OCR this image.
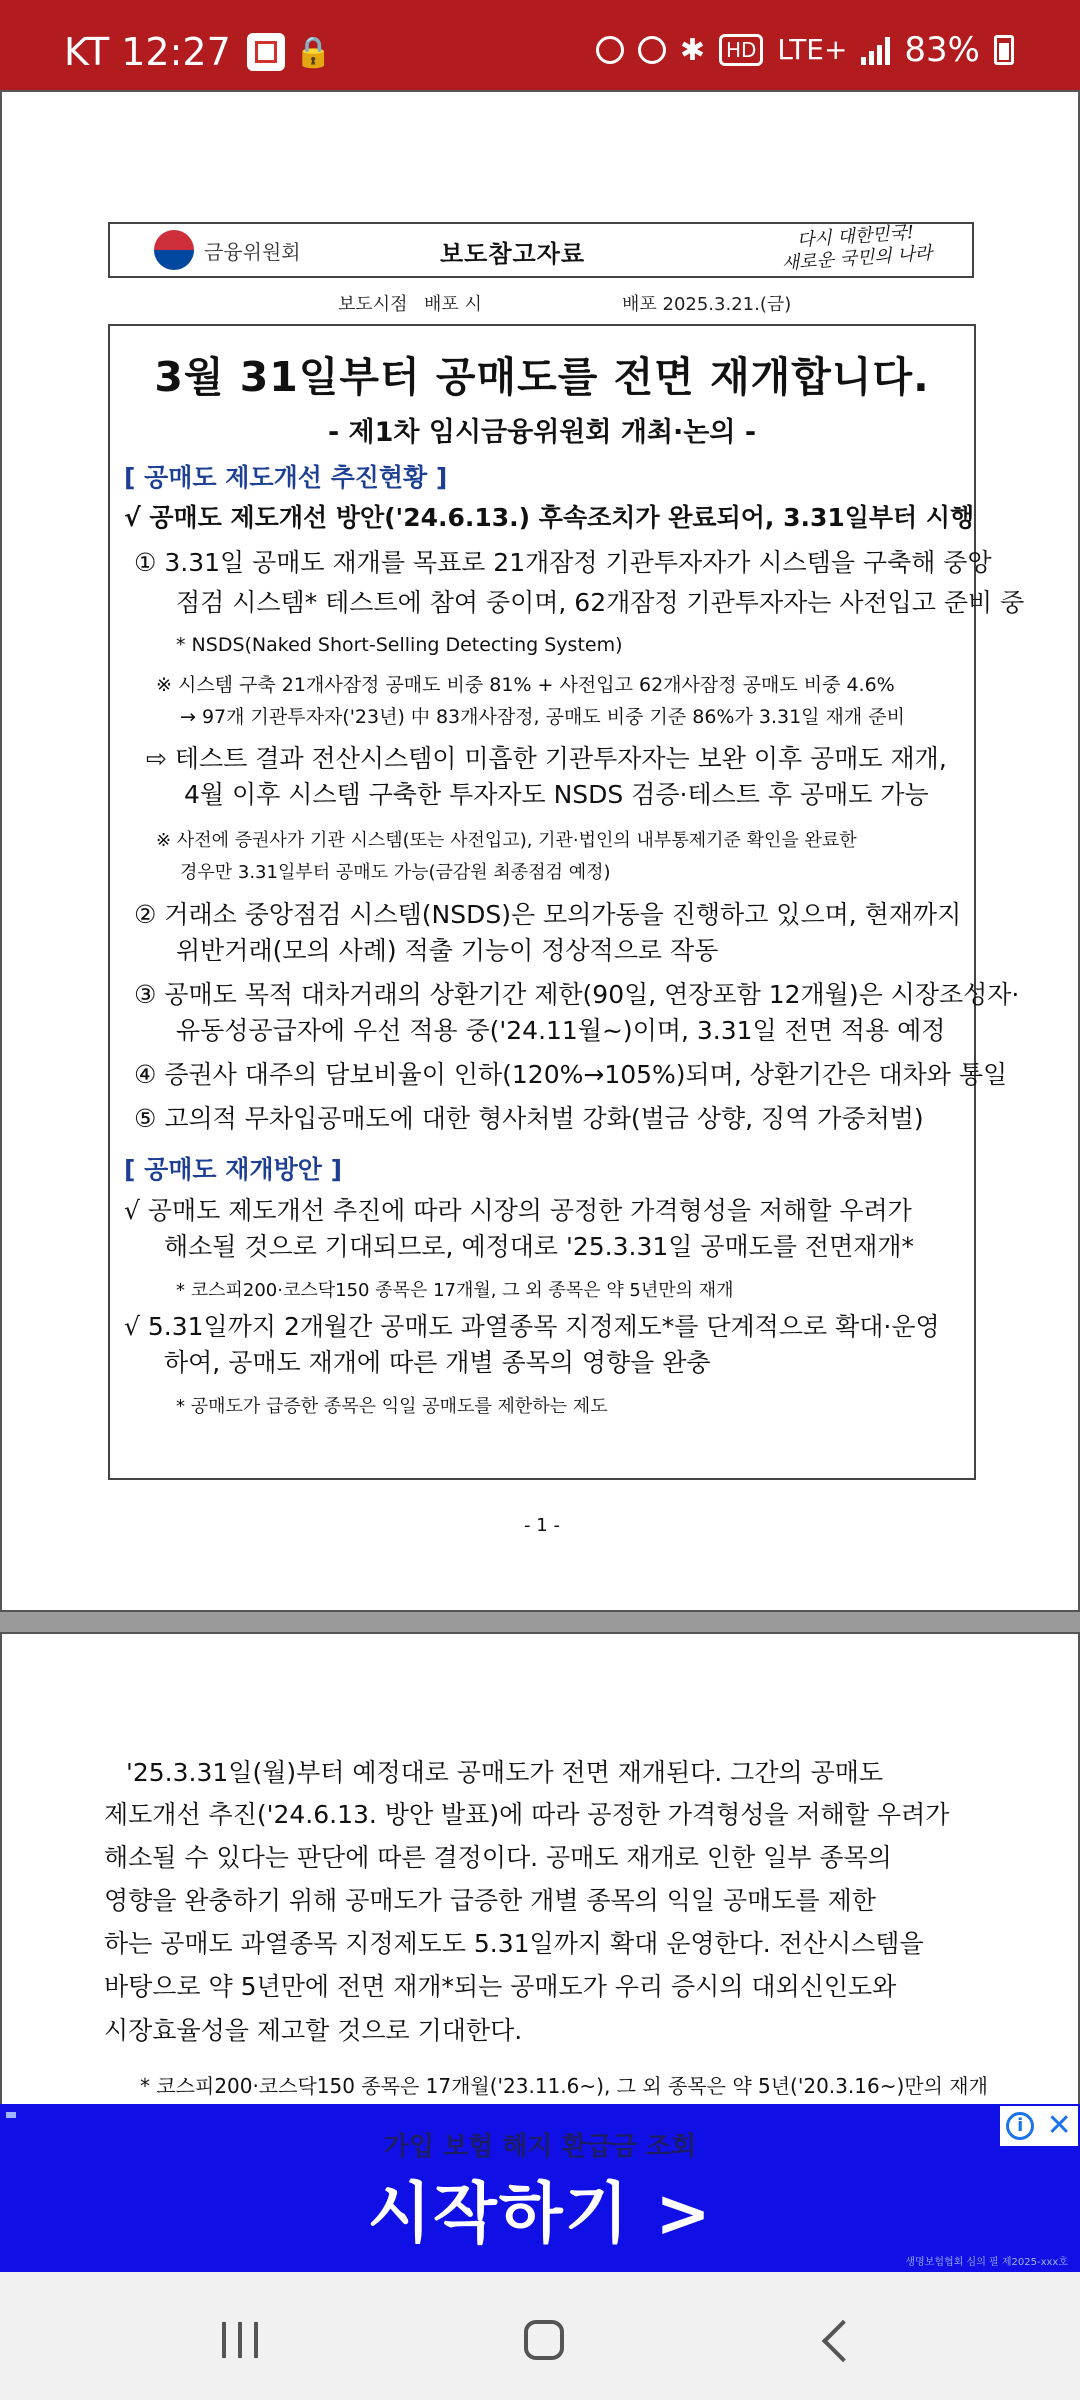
KT 12:27 🔒	✱	HD LTE+ 83%
금융위원회	보도참고자료
다시 대한민국!
새로운 국민의 나라
보도시점 배포 시	배포 2025.3.21.(금)
3월 31일부터 공매도를 전면 재개합니다.
- 제1차 임시금융위원회 개최·논의 -
[ 공매도 제도개선 추진현황 ]
√ 공매도 제도개선 방안('24.6.13.) 후속조치가 완료되어, 3.31일부터 시행
① 3.31일 공매도 재개를 목표로 21개잠정 기관투자자가 시스템을 구축해 중앙
점검 시스템* 테스트에 참여 중이며, 62개잠정 기관투자자는 사전입고 준비 중
* NSDS(Naked Short-Selling Detecting System)
※ 시스템 구축 21개사잠정 공매도 비중 81% + 사전입고 62개사잠정 공매도 비중 4.6%
→ 97개 기관투자자('23년) 中 83개사잠정, 공매도 비중 기준 86%가 3.31일 재개 준비
⇨ 테스트 결과 전산시스템이 미흡한 기관투자자는 보완 이후 공매도 재개,
4월 이후 시스템 구축한 투자자도 NSDS 검증·테스트 후 공매도 가능
※ 사전에 증권사가 기관 시스템(또는 사전입고), 기관·법인의 내부통제기준 확인을 완료한
경우만 3.31일부터 공매도 가능(금감원 최종점검 예정)
② 거래소 중앙점검 시스템(NSDS)은 모의가동을 진행하고 있으며, 현재까지
위반거래(모의 사례) 적출 기능이 정상적으로 작동
③ 공매도 목적 대차거래의 상환기간 제한(90일, 연장포함 12개월)은 시장조성자·
유동성공급자에 우선 적용 중('24.11월~)이며, 3.31일 전면 적용 예정
④ 증권사 대주의 담보비율이 인하(120%→105%)되며, 상환기간은 대차와 통일
⑤ 고의적 무차입공매도에 대한 형사처벌 강화(벌금 상향, 징역 가중처벌)
[ 공매도 재개방안 ]
√ 공매도 제도개선 추진에 따라 시장의 공정한 가격형성을 저해할 우려가
해소될 것으로 기대되므로, 예정대로 '25.3.31일 공매도를 전면재개*
* 코스피200·코스닥150 종목은 17개월, 그 외 종목은 약 5년만의 재개
√ 5.31일까지 2개월간 공매도 과열종목 지정제도*를 단계적으로 확대·운영
하여, 공매도 재개에 따른 개별 종목의 영향을 완충
* 공매도가 급증한 종목은 익일 공매도를 제한하는 제도
- 1 -
'25.3.31일(월)부터 예정대로 공매도가 전면 재개된다. 그간의 공매도
제도개선 추진('24.6.13. 방안 발표)에 따라 공정한 가격형성을 저해할 우려가
해소될 수 있다는 판단에 따른 결정이다. 공매도 재개로 인한 일부 종목의
영향을 완충하기 위해 공매도가 급증한 개별 종목의 익일 공매도를 제한
하는 공매도 과열종목 지정제도도 5.31일까지 확대 운영한다. 전산시스템을
바탕으로 약 5년만에 전면 재개*되는 공매도가 우리 증시의 대외신인도와
시장효율성을 제고할 것으로 기대한다.
* 코스피200·코스닥150 종목은 17개월('23.11.6~), 그 외 종목은 약 5년('20.3.16~)만의 재개
가입 보험 해지 환급금 조회
시작하기 >
i ✕
생명보험협회 심의 필 제2025-xxx호
